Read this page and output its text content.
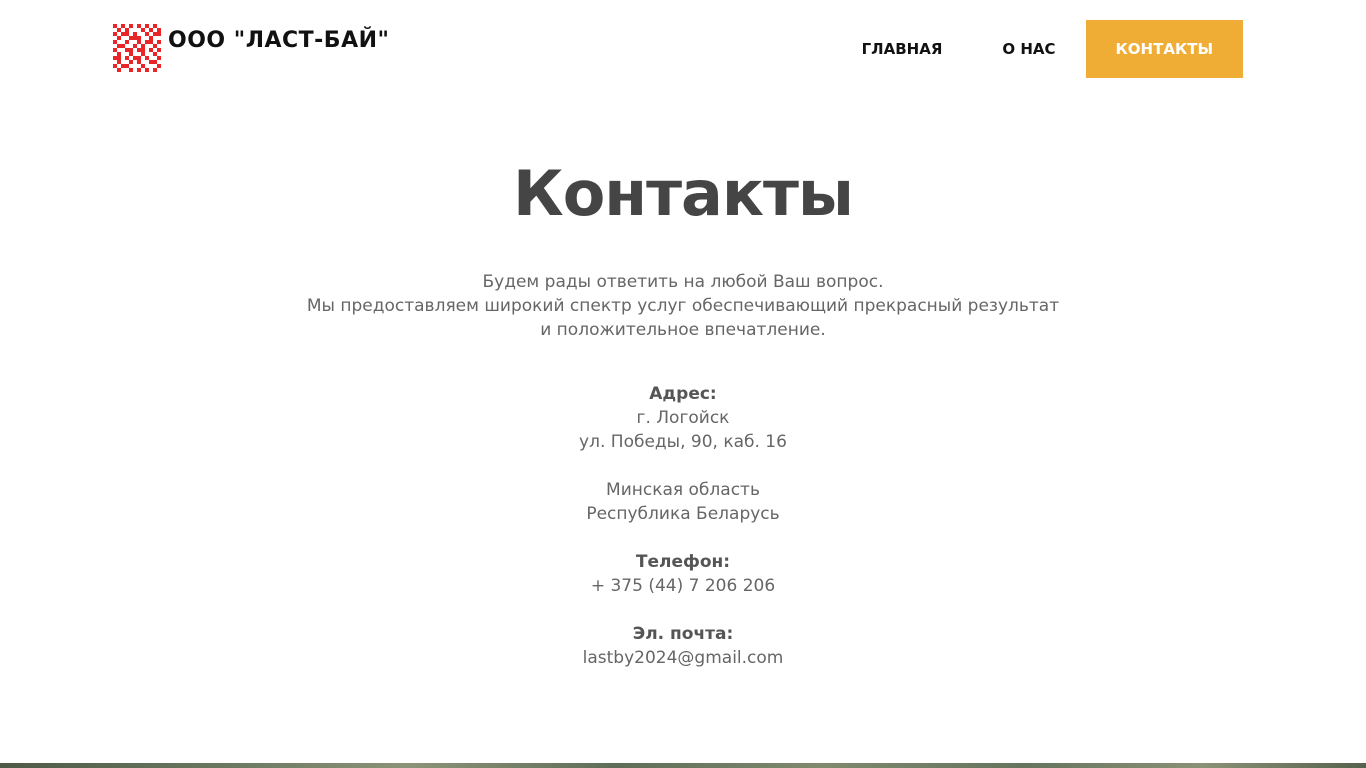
ООО "ЛАСТ-БАЙ"	ГЛАВНАЯ	О НАС	КОНТАКТЫ
Контакты
Будем рады ответить на любой Ваш вопрос.
Мы предоставляем широкий спектр услуг обеспечивающий прекрасный результат
и положительное впечатление.
Адрес:
г. Логойск
ул. Победы, 90, каб. 16
Минская область
Республика Беларусь
Телефон:
+ 375 (44) 7 206 206
Эл. почта:
lastby2024@gmail.com
